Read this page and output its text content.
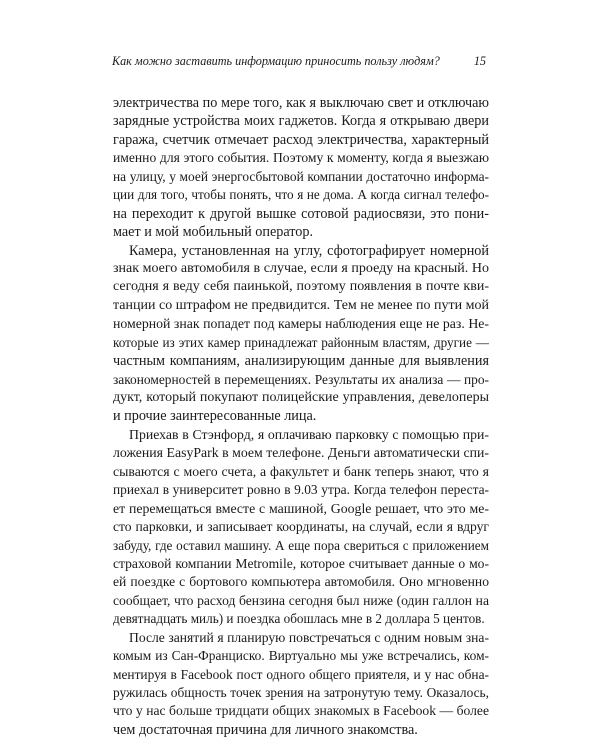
Как можно заставить информацию приносить пользу людям?	15
электричества по мере того, как я выключаю свет и отключаю
зарядные устройства моих гаджетов. Когда я открываю двери
гаража, счетчик отмечает расход электричества, характерный
именно для этого события. Поэтому к моменту, когда я выезжаю
на улицу, у моей энергосбытовой компании достаточно информа-
ции для того, чтобы понять, что я не дома. А когда сигнал телефо-
на переходит к другой вышке сотовой радиосвязи, это пони-
мает и мой мобильный оператор.
Камера, установленная на углу, сфотографирует номерной
знак моего автомобиля в случае, если я проеду на красный. Но
сегодня я веду себя паинькой, поэтому появления в почте кви-
танции со штрафом не предвидится. Тем не менее по пути мой
номерной знак попадет под камеры наблюдения еще не раз. Не-
которые из этих камер принадлежат районным властям, другие —
частным компаниям, анализирующим данные для выявления
закономерностей в перемещениях. Результаты их анализа — про-
дукт, который покупают полицейские управления, девелоперы
и прочие заинтересованные лица.
Приехав в Стэнфорд, я оплачиваю парковку с помощью при-
ложения EasyPark в моем телефоне. Деньги автоматически спи-
сываются с моего счета, а факультет и банк теперь знают, что я
приехал в университет ровно в 9.03 утра. Когда телефон переста-
ет перемещаться вместе с машиной, Google решает, что это ме-
сто парковки, и записывает координаты, на случай, если я вдруг
забуду, где оставил машину. А еще пора свериться с приложением
страховой компании Metromile, которое считывает данные о мо-
ей поездке с бортового компьютера автомобиля. Оно мгновенно
сообщает, что расход бензина сегодня был ниже (один галлон на
девятнадцать миль) и поездка обошлась мне в 2 доллара 5 центов.
После занятий я планирую повстречаться с одним новым зна-
комым из Сан-Франциско. Виртуально мы уже встречались, ком-
ментируя в Facebook пост одного общего приятеля, и у нас обна-
ружилась общность точек зрения на затронутую тему. Оказалось,
что у нас больше тридцати общих знакомых в Facebook — более
чем достаточная причина для личного знакомства.
